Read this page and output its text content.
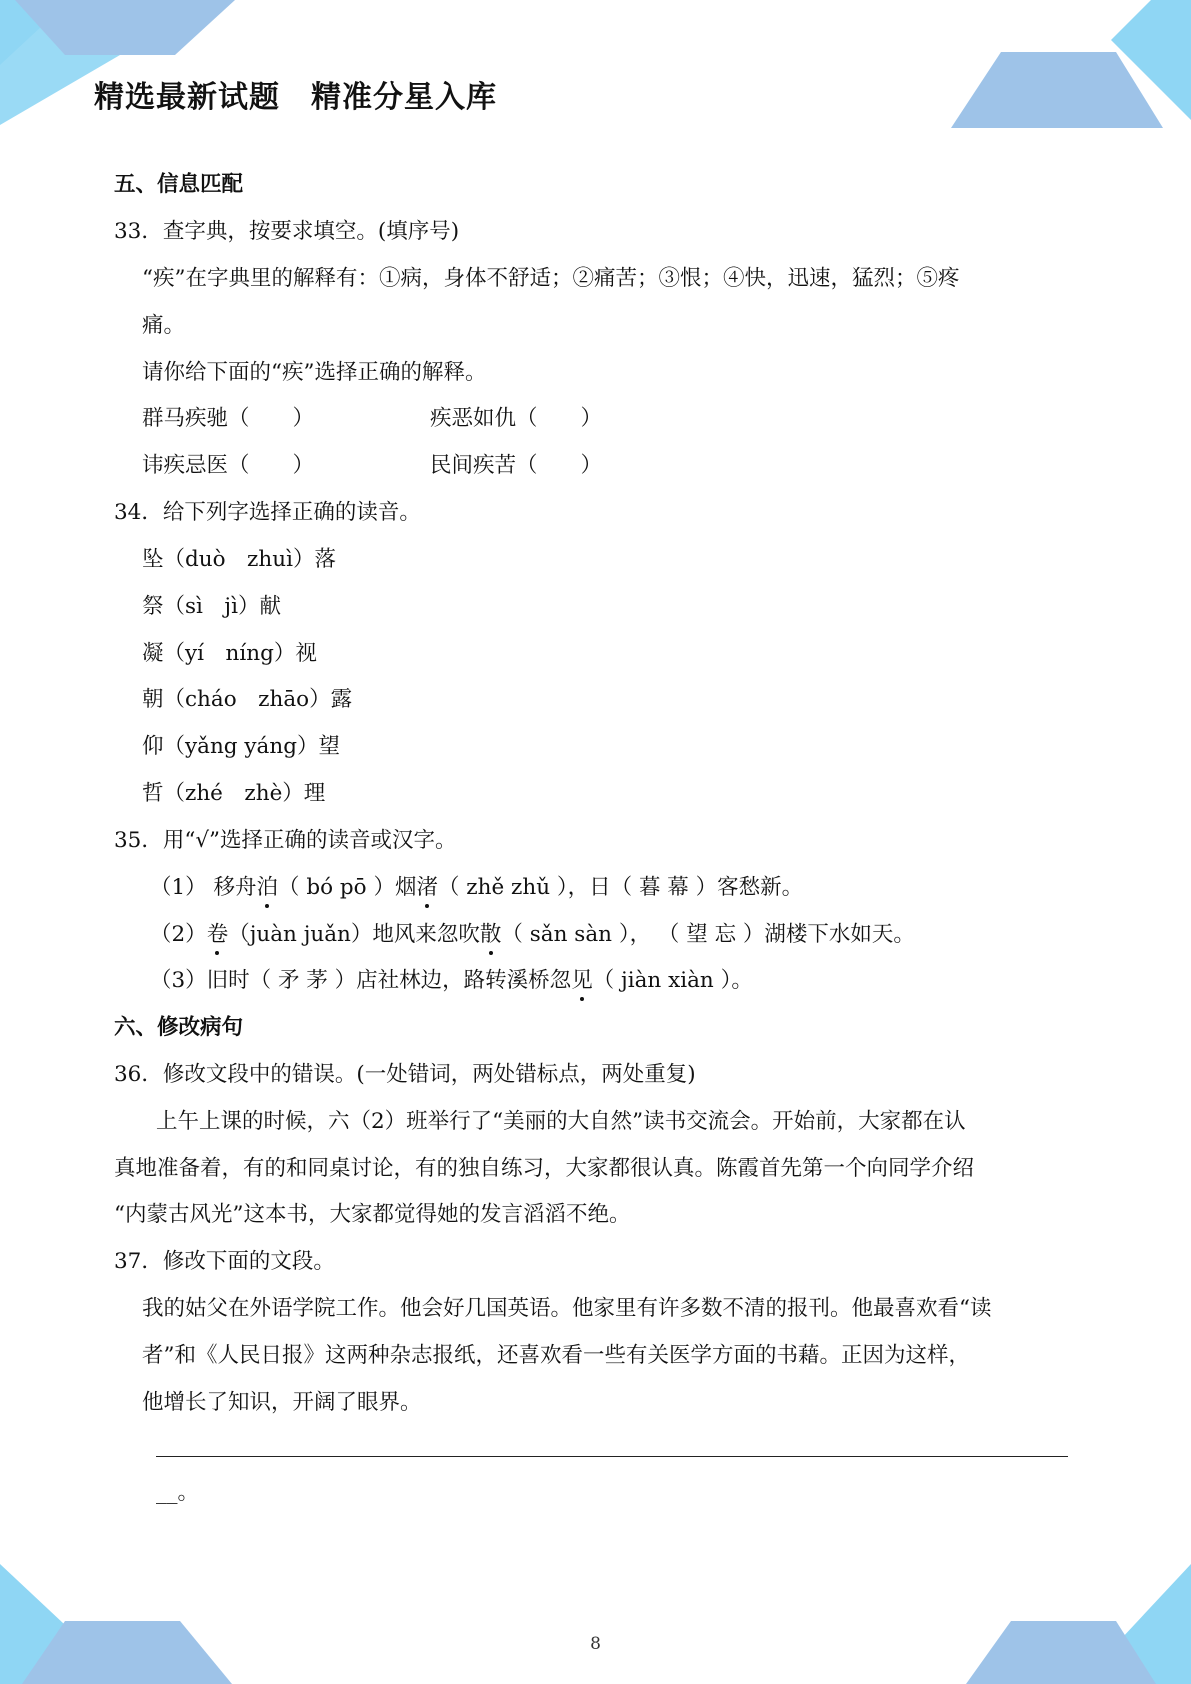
精选最新试题　精准分星入库
五、信息匹配
33．查字典，按要求填空。(填序号)
“疾”在字典里的解释有：①病，身体不舒适；②痛苦；③恨；④快，迅速，猛烈；⑤疼
痛。
请你给下面的“疾”选择正确的解释。
群马疾驰（　　）	疾恶如仇（　　）
讳疾忌医（　　）	民间疾苦（　　）
34．给下列字选择正确的读音。
坠（duò　zhuì）落
祭（sì　jì）献
凝（yí　níng）视
朝（cháo　zhāo）露
仰（yǎng yáng）望
哲（zhé　zhè）理
35．用“√”选择正确的读音或汉字。
（1） 移舟泊（ bó pō ）烟渚（ zhě zhǔ ），日（ 暮 幕 ）客愁新。
（2）卷（juàn juǎn）地风来忽吹散（ sǎn sàn ）， （ 望 忘 ）湖楼下水如天。
（3）旧时（ 矛 茅 ）店社林边，路转溪桥忽见（ jiàn xiàn ）。
六、修改病句
36．修改文段中的错误。(一处错词，两处错标点，两处重复)
上午上课的时候，六（2）班举行了“美丽的大自然”读书交流会。开始前，大家都在认
真地准备着，有的和同桌讨论，有的独自练习，大家都很认真。陈霞首先第一个向同学介绍
“内蒙古风光”这本书，大家都觉得她的发言滔滔不绝。
37．修改下面的文段。
我的姑父在外语学院工作。他会好几国英语。他家里有许多数不清的报刊。他最喜欢看“读
者”和《人民日报》这两种杂志报纸，还喜欢看一些有关医学方面的书藉。正因为这样，
他增长了知识，开阔了眼界。
__。
8
